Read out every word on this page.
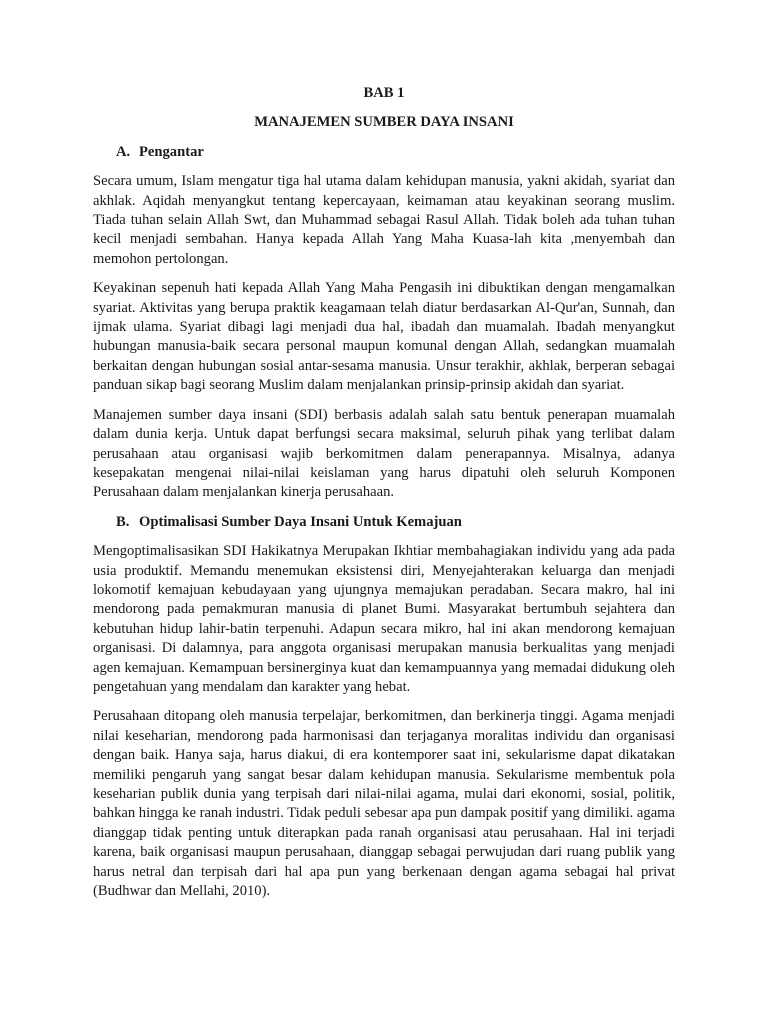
BAB 1
MANAJEMEN SUMBER DAYA INSANI
A. Pengantar

Secara umum, Islam mengatur tiga hal utama dalam kehidupan manusia, yakni akidah, syariat dan akhlak. Aqidah menyangkut tentang kepercayaan, keimaman atau keyakinan seorang muslim. Tiada tuhan selain Allah Swt, dan Muhammad sebagai Rasul Allah. Tidak boleh ada tuhan tuhan kecil menjadi sembahan. Hanya kepada Allah Yang Maha Kuasa-lah kita ,menyembah dan memohon pertolongan.

Keyakinan sepenuh hati kepada Allah Yang Maha Pengasih ini dibuktikan dengan mengamalkan syariat. Aktivitas yang berupa praktik keagamaan telah diatur berdasarkan Al-Qur'an, Sunnah, dan ijmak ulama. Syariat dibagi lagi menjadi dua hal, ibadah dan muamalah. Ibadah menyangkut hubungan manusia-baik secara personal maupun komunal dengan Allah, sedangkan muamalah berkaitan dengan hubungan sosial antar-sesama manusia. Unsur terakhir, akhlak, berperan sebagai panduan sikap bagi seorang Muslim dalam menjalankan prinsip-prinsip akidah dan syariat.

Manajemen sumber daya insani (SDI) berbasis adalah salah satu bentuk penerapan muamalah dalam dunia kerja. Untuk dapat berfungsi secara maksimal, seluruh pihak yang terlibat dalam perusahaan atau organisasi wajib berkomitmen dalam penerapannya. Misalnya, adanya kesepakatan mengenai nilai-nilai keislaman yang harus dipatuhi oleh seluruh Komponen Perusahaan dalam menjalankan kinerja perusahaan.

B. Optimalisasi Sumber Daya Insani Untuk Kemajuan

Mengoptimalisasikan SDI Hakikatnya Merupakan Ikhtiar membahagiakan individu yang ada pada usia produktif. Memandu menemukan eksistensi diri, Menyejahterakan keluarga dan menjadi lokomotif kemajuan kebudayaan yang ujungnya memajukan peradaban. Secara makro, hal ini mendorong pada pemakmuran manusia di planet Bumi. Masyarakat bertumbuh sejahtera dan kebutuhan hidup lahir-batin terpenuhi. Adapun secara mikro, hal ini akan mendorong kemajuan organisasi. Di dalamnya, para anggota organisasi merupakan manusia berkualitas yang menjadi agen kemajuan. Kemampuan bersinerginya kuat dan kemampuannya yang memadai didukung oleh pengetahuan yang mendalam dan karakter yang hebat.

Perusahaan ditopang oleh manusia terpelajar, berkomitmen, dan berkinerja tinggi. Agama menjadi nilai keseharian, mendorong pada harmonisasi dan terjaganya moralitas individu dan organisasi dengan baik. Hanya saja, harus diakui, di era kontemporer saat ini, sekularisme dapat dikatakan memiliki pengaruh yang sangat besar dalam kehidupan manusia. Sekularisme membentuk pola keseharian publik dunia yang terpisah dari nilai-nilai agama, mulai dari ekonomi, sosial, politik, bahkan hingga ke ranah industri. Tidak peduli sebesar apa pun dampak positif yang dimiliki. agama dianggap tidak penting untuk diterapkan pada ranah organisasi atau perusahaan. Hal ini terjadi karena, baik organisasi maupun perusahaan, dianggap sebagai perwujudan dari ruang publik yang harus netral dan terpisah dari hal apa pun yang berkenaan dengan agama sebagai hal privat (Budhwar dan Mellahi, 2010).
